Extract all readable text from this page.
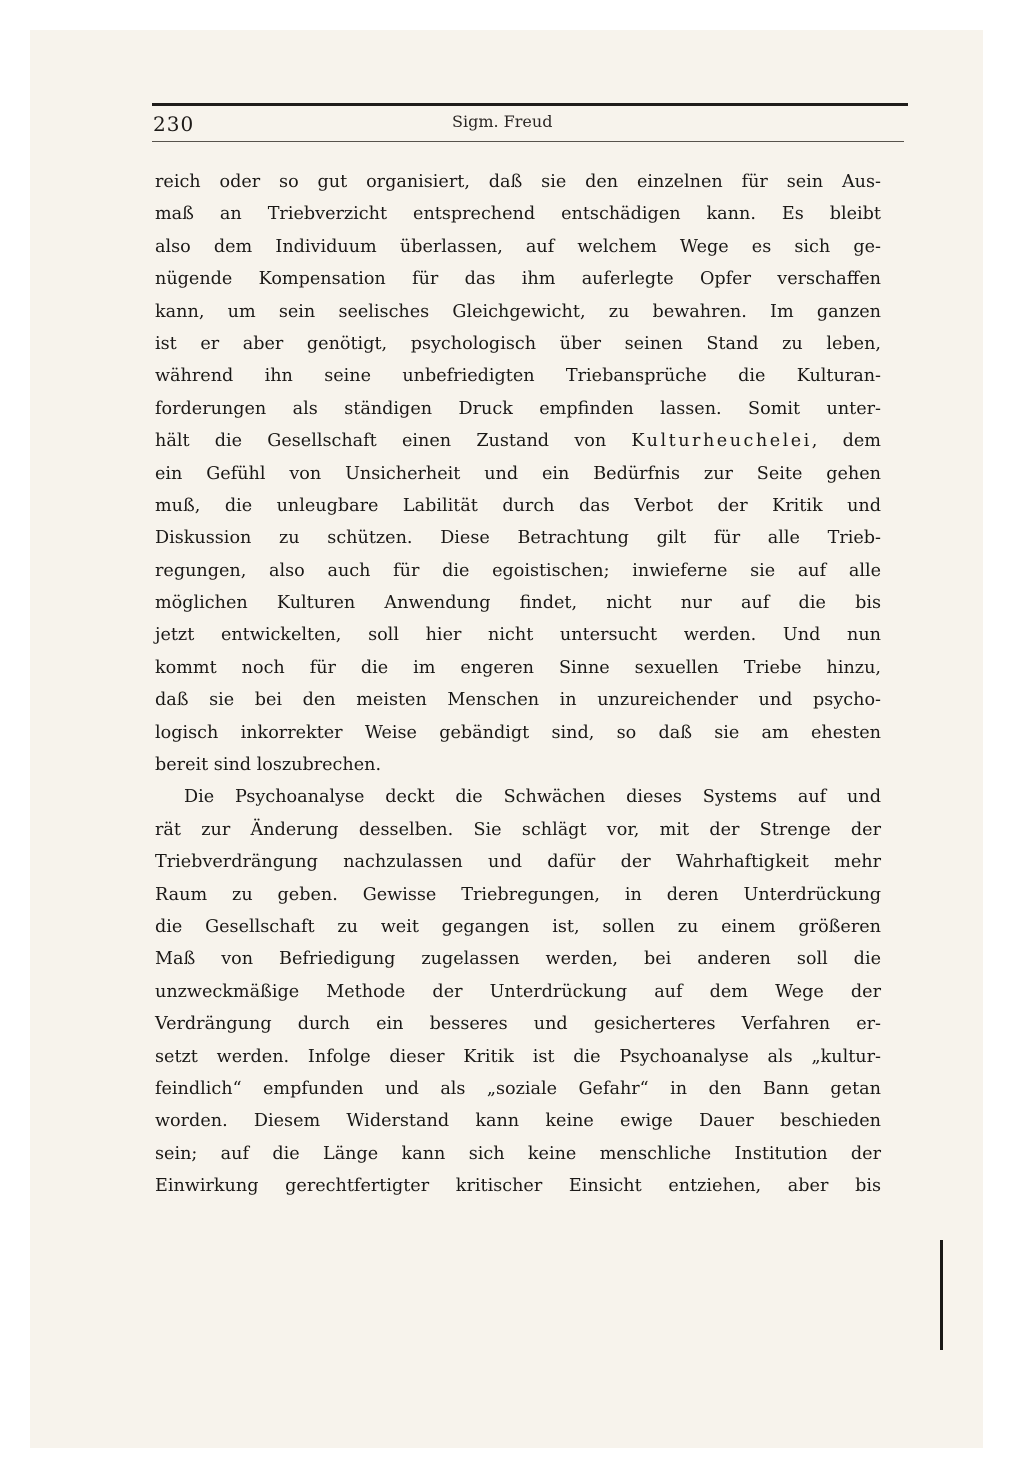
230	Sigm. Freud
reich oder so gut organisiert, daß sie den einzelnen für sein Aus-
maß an Triebverzicht entsprechend entschädigen kann. Es bleibt
also dem Individuum überlassen, auf welchem Wege es sich ge-
nügende Kompensation für das ihm auferlegte Opfer verschaffen
kann, um sein seelisches Gleichgewicht, zu bewahren. Im ganzen
ist er aber genötigt, psychologisch über seinen Stand zu leben,
während ihn seine unbefriedigten Triebansprüche die Kulturan-
forderungen als ständigen Druck empfinden lassen. Somit unter-
hält die Gesellschaft einen Zustand von Kulturheuchelei, dem
ein Gefühl von Unsicherheit und ein Bedürfnis zur Seite gehen
muß, die unleugbare Labilität durch das Verbot der Kritik und
Diskussion zu schützen. Diese Betrachtung gilt für alle Trieb-
regungen, also auch für die egoistischen; inwieferne sie auf alle
möglichen Kulturen Anwendung findet, nicht nur auf die bis
jetzt entwickelten, soll hier nicht untersucht werden. Und nun
kommt noch für die im engeren Sinne sexuellen Triebe hinzu,
daß sie bei den meisten Menschen in unzureichender und psycho-
logisch inkorrekter Weise gebändigt sind, so daß sie am ehesten
bereit sind loszubrechen.
Die Psychoanalyse deckt die Schwächen dieses Systems auf und
rät zur Änderung desselben. Sie schlägt vor, mit der Strenge der
Triebverdrängung nachzulassen und dafür der Wahrhaftigkeit mehr
Raum zu geben. Gewisse Triebregungen, in deren Unterdrückung
die Gesellschaft zu weit gegangen ist, sollen zu einem größeren
Maß von Befriedigung zugelassen werden, bei anderen soll die
unzweckmäßige Methode der Unterdrückung auf dem Wege der
Verdrängung durch ein besseres und gesicherteres Verfahren er-
setzt werden. Infolge dieser Kritik ist die Psychoanalyse als „kultur-
feindlich“ empfunden und als „soziale Gefahr“ in den Bann getan
worden. Diesem Widerstand kann keine ewige Dauer beschieden
sein; auf die Länge kann sich keine menschliche Institution der
Einwirkung gerechtfertigter kritischer Einsicht entziehen, aber bis
